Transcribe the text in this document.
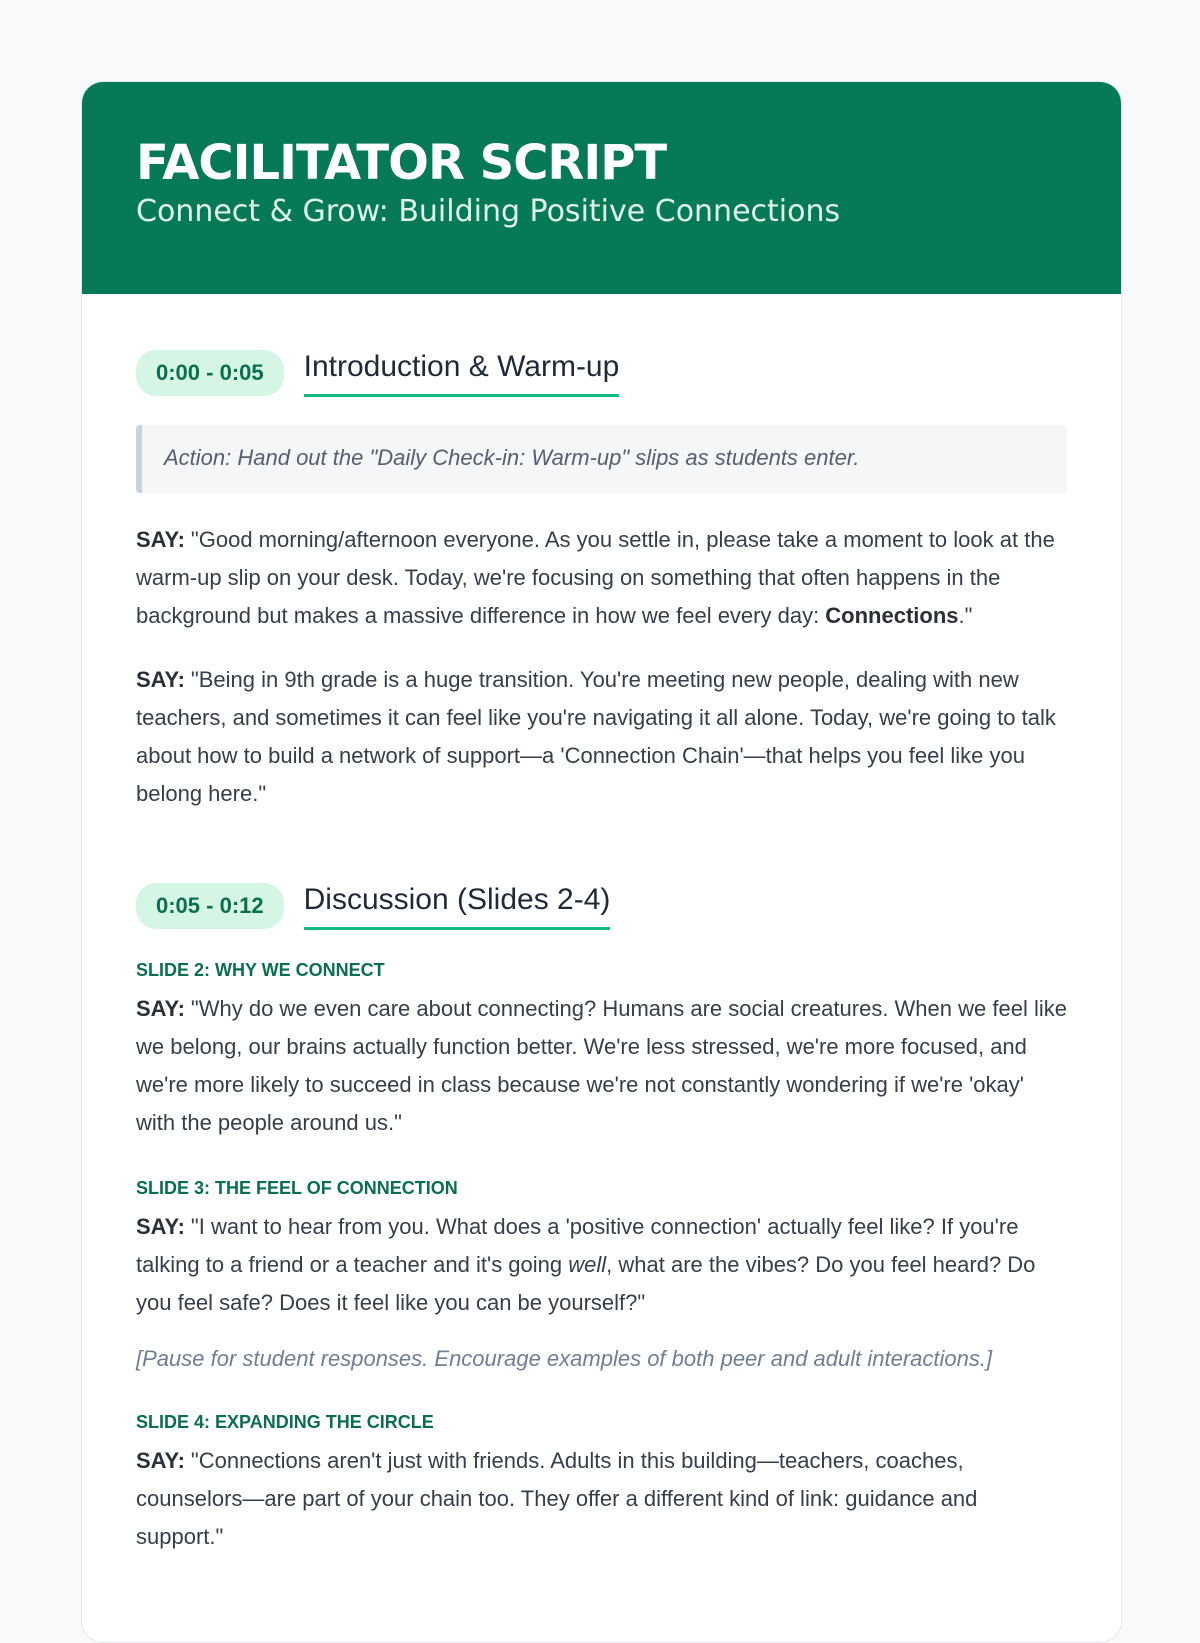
FACILITATOR SCRIPT
Connect & Grow: Building Positive Connections
0:00 - 0:05	Introduction & Warm-up
Action: Hand out the "Daily Check-in: Warm-up" slips as students enter.

SAY: "Good morning/afternoon everyone. As you settle in, please take a moment to look at the warm-up slip on your desk. Today, we're focusing on something that often happens in the background but makes a massive difference in how we feel every day: Connections."

SAY: "Being in 9th grade is a huge transition. You're meeting new people, dealing with new teachers, and sometimes it can feel like you're navigating it all alone. Today, we're going to talk about how to build a network of support—a 'Connection Chain'—that helps you feel like you belong here."

0:05 - 0:12	Discussion (Slides 2-4)
SLIDE 2: WHY WE CONNECT

SAY: "Why do we even care about connecting? Humans are social creatures. When we feel like we belong, our brains actually function better. We're less stressed, we're more focused, and we're more likely to succeed in class because we're not constantly wondering if we're 'okay' with the people around us."

SLIDE 3: THE FEEL OF CONNECTION

SAY: "I want to hear from you. What does a 'positive connection' actually feel like? If you're talking to a friend or a teacher and it's going well, what are the vibes? Do you feel heard? Do you feel safe? Does it feel like you can be yourself?"

[Pause for student responses. Encourage examples of both peer and adult interactions.]
SLIDE 4: EXPANDING THE CIRCLE

SAY: "Connections aren't just with friends. Adults in this building—teachers, coaches, counselors—are part of your chain too. They offer a different kind of link: guidance and support."
